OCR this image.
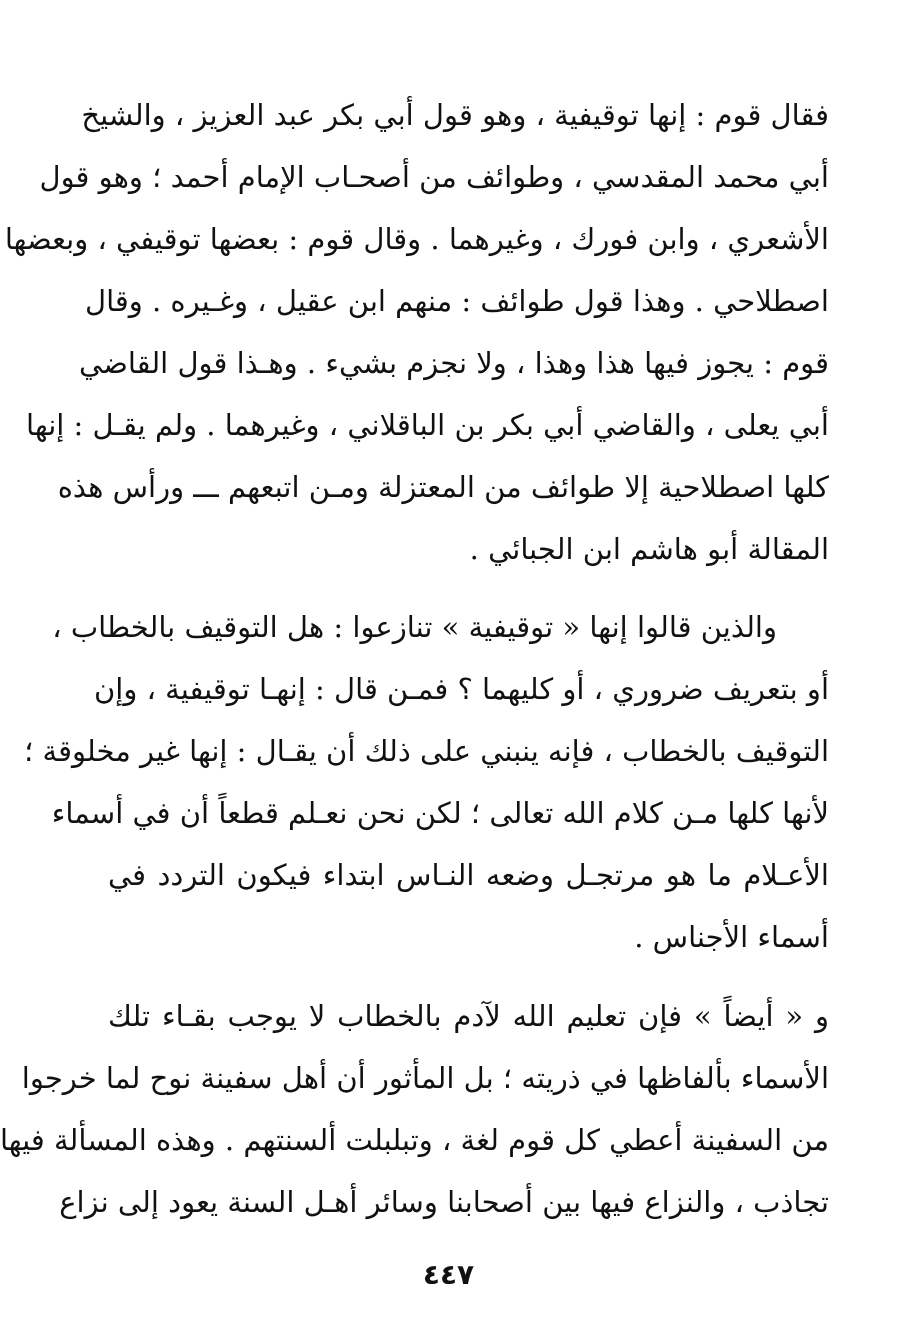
فقال قوم : إنها توقيفية ، وهو قول أبي بكر عبد العزيز ، والشيخ
أبي محمد المقدسي ، وطوائف من أصحـاب الإمام أحمد ؛ وهو قول
الأشعري ، وابن فورك ، وغيرهما . وقال قوم : بعضها توقيفي ، وبعضها
اصطلاحي . وهذا قول طوائف : منهم ابن عقيل ، وغـيره . وقال
قوم : يجوز فيها هذا وهذا ، ولا نجزم بشيء . وهـذا قول القاضي
أبي يعلى ، والقاضي أبي بكر بن الباقلاني ، وغيرهما . ولم يقـل : إنها
كلها اصطلاحية إلا طوائف من المعتزلة ومـن اتبعهم ـــ ورأس هذه
المقالة أبو هاشم ابن الجبائي .
والذين قالوا إنها « توقيفية » تنازعوا : هل التوقيف بالخطاب ،
أو بتعريف ضروري ، أو كليهما ؟ فمـن قال : إنهـا توقيفية ، وإن
التوقيف بالخطاب ، فإنه ينبني على ذلك أن يقـال : إنها غير مخلوقة ؛
لأنها كلها مـن كلام الله تعالى ؛ لكن نحن نعـلم قطعاً أن في أسماء
الأعـلام ما هو مرتجـل وضعه النـاس ابتداء فيكون التردد في
أسماء الأجناس .
و « أيضاً » فإن تعليم الله لآدم بالخطاب لا يوجب بقـاء تلك
الأسماء بألفاظها في ذريته ؛ بل المأثور أن أهل سفينة نوح لما خرجوا
من السفينة أعطي كل قوم لغة ، وتبلبلت ألسنتهم . وهذه المسألة فيها
تجاذب ، والنزاع فيها بين أصحابنا وسائر أهـل السنة يعود إلى نزاع
٤٤٧
